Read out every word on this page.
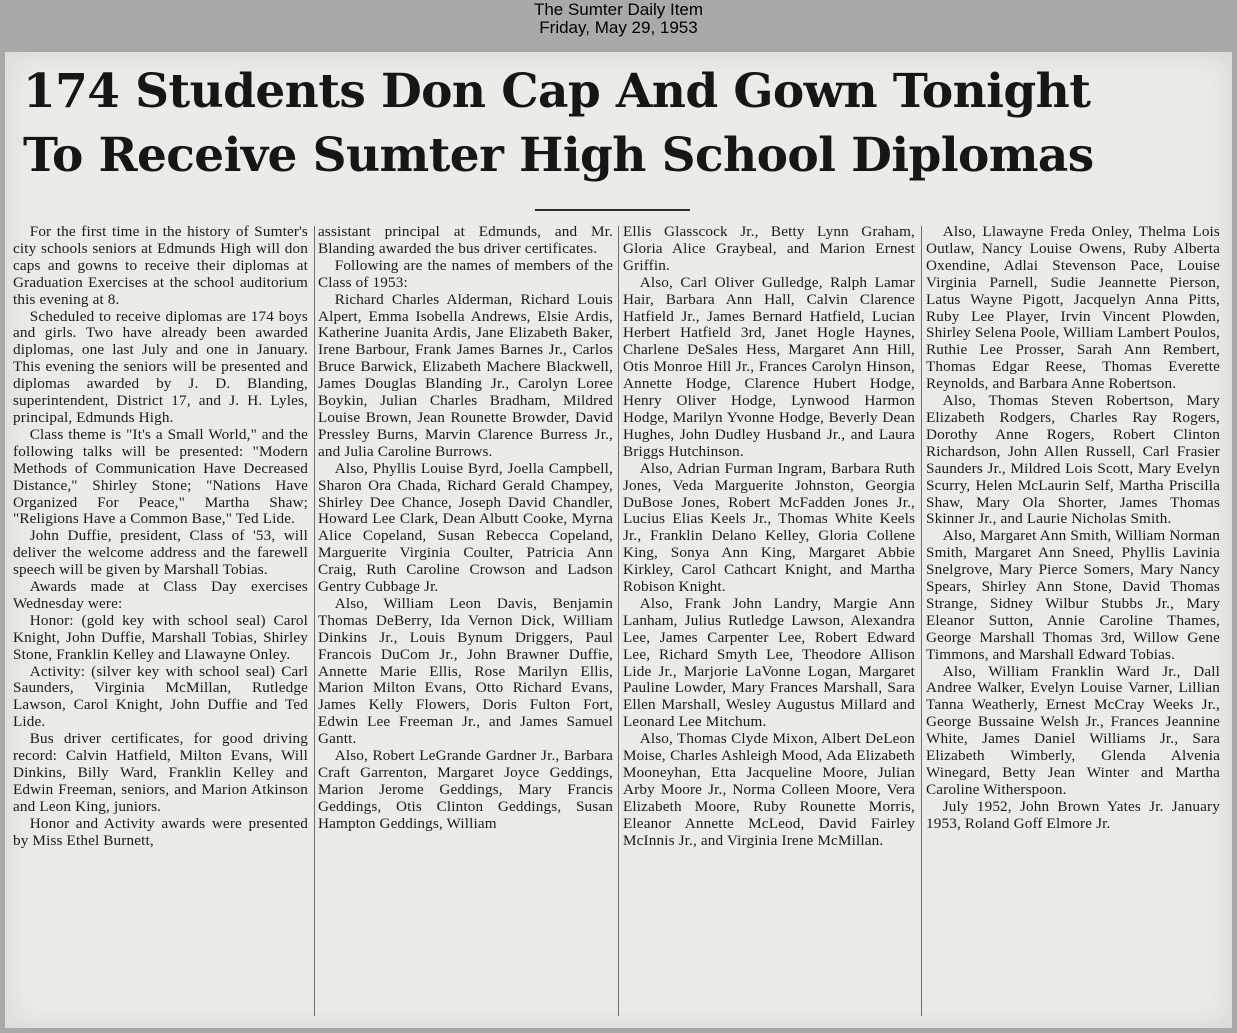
The Sumter Daily Item
Friday, May 29, 1953
174 Students Don Cap And Gown Tonight
To Receive Sumter High School Diplomas

For the first time in the history of Sumter's city schools seniors at Edmunds High will don caps and gowns to receive their diplomas at Graduation Exercises at the school auditorium this evening at 8.

Scheduled to receive diplomas are 174 boys and girls. Two have already been awarded diplomas, one last July and one in January. This evening the seniors will be presented and diplomas awarded by J. D. Blanding, superintendent, District 17, and J. H. Lyles, principal, Edmunds High.

Class theme is "It's a Small World," and the following talks will be presented: "Modern Methods of Communication Have Decreased Distance," Shirley Stone; "Nations Have Organized For Peace," Martha Shaw; "Religions Have a Common Base," Ted Lide.

John Duffie, president, Class of '53, will deliver the welcome address and the farewell speech will be given by Marshall Tobias.

Awards made at Class Day exercises Wednesday were:

Honor: (gold key with school seal) Carol Knight, John Duffie, Marshall Tobias, Shirley Stone, Franklin Kelley and Llawayne Onley.

Activity: (silver key with school seal) Carl Saunders, Virginia McMillan, Rutledge Lawson, Carol Knight, John Duffie and Ted Lide.

Bus driver certificates, for good driving record: Calvin Hatfield, Milton Evans, Will Dinkins, Billy Ward, Franklin Kelley and Edwin Freeman, seniors, and Marion Atkinson and Leon King, juniors.

Honor and Activity awards were presented by Miss Ethel Burnett,

assistant principal at Edmunds, and Mr. Blanding awarded the bus driver certificates.

Following are the names of members of the Class of 1953:

Richard Charles Alderman, Richard Louis Alpert, Emma Isobella Andrews, Elsie Ardis, Katherine Juanita Ardis, Jane Elizabeth Baker, Irene Barbour, Frank James Barnes Jr., Carlos Bruce Barwick, Elizabeth Machere Blackwell, James Douglas Blanding Jr., Carolyn Loree Boykin, Julian Charles Bradham, Mildred Louise Brown, Jean Rounette Browder, David Pressley Burns, Marvin Clarence Burress Jr., and Julia Caroline Burrows.

Also, Phyllis Louise Byrd, Joella Campbell, Sharon Ora Chada, Richard Gerald Champey, Shirley Dee Chance, Joseph David Chandler, Howard Lee Clark, Dean Albutt Cooke, Myrna Alice Copeland, Susan Rebecca Copeland, Marguerite Virginia Coulter, Patricia Ann Craig, Ruth Caroline Crowson and Ladson Gentry Cubbage Jr.

Also, William Leon Davis, Benjamin Thomas DeBerry, Ida Vernon Dick, William Dinkins Jr., Louis Bynum Driggers, Paul Francois DuCom Jr., John Brawner Duffie, Annette Marie Ellis, Rose Marilyn Ellis, Marion Milton Evans, Otto Richard Evans, James Kelly Flowers, Doris Fulton Fort, Edwin Lee Freeman Jr., and James Samuel Gantt.

Also, Robert LeGrande Gardner Jr., Barbara Craft Garrenton, Margaret Joyce Geddings, Marion Jerome Geddings, Mary Francis Geddings, Otis Clinton Geddings, Susan Hampton Geddings, William

Ellis Glasscock Jr., Betty Lynn Graham, Gloria Alice Graybeal, and Marion Ernest Griffin.

Also, Carl Oliver Gulledge, Ralph Lamar Hair, Barbara Ann Hall, Calvin Clarence Hatfield Jr., James Bernard Hatfield, Lucian Herbert Hatfield 3rd, Janet Hogle Haynes, Charlene DeSales Hess, Margaret Ann Hill, Otis Monroe Hill Jr., Frances Carolyn Hinson, Annette Hodge, Clarence Hubert Hodge, Henry Oliver Hodge, Lynwood Harmon Hodge, Marilyn Yvonne Hodge, Beverly Dean Hughes, John Dudley Husband Jr., and Laura Briggs Hutchinson.

Also, Adrian Furman Ingram, Barbara Ruth Jones, Veda Marguerite Johnston, Georgia DuBose Jones, Robert McFadden Jones Jr., Lucius Elias Keels Jr., Thomas White Keels Jr., Franklin Delano Kelley, Gloria Collene King, Sonya Ann King, Margaret Abbie Kirkley, Carol Cathcart Knight, and Martha Robison Knight.

Also, Frank John Landry, Margie Ann Lanham, Julius Rutledge Lawson, Alexandra Lee, James Carpenter Lee, Robert Edward Lee, Richard Smyth Lee, Theodore Allison Lide Jr., Marjorie LaVonne Logan, Margaret Pauline Lowder, Mary Frances Marshall, Sara Ellen Marshall, Wesley Augustus Millard and Leonard Lee Mitchum.

Also, Thomas Clyde Mixon, Albert DeLeon Moise, Charles Ashleigh Mood, Ada Elizabeth Mooneyhan, Etta Jacqueline Moore, Julian Arby Moore Jr., Norma Colleen Moore, Vera Elizabeth Moore, Ruby Rounette Morris, Eleanor Annette McLeod, David Fairley McInnis Jr., and Virginia Irene McMillan.

Also, Llawayne Freda Onley, Thelma Lois Outlaw, Nancy Louise Owens, Ruby Alberta Oxendine, Adlai Stevenson Pace, Louise Virginia Parnell, Sudie Jeannette Pierson, Latus Wayne Pigott, Jacquelyn Anna Pitts, Ruby Lee Player, Irvin Vincent Plowden, Shirley Selena Poole, William Lambert Poulos, Ruthie Lee Prosser, Sarah Ann Rembert, Thomas Edgar Reese, Thomas Everette Reynolds, and Barbara Anne Robertson.

Also, Thomas Steven Robertson, Mary Elizabeth Rodgers, Charles Ray Rogers, Dorothy Anne Rogers, Robert Clinton Richardson, John Allen Russell, Carl Frasier Saunders Jr., Mildred Lois Scott, Mary Evelyn Scurry, Helen McLaurin Self, Martha Priscilla Shaw, Mary Ola Shorter, James Thomas Skinner Jr., and Laurie Nicholas Smith.

Also, Margaret Ann Smith, William Norman Smith, Margaret Ann Sneed, Phyllis Lavinia Snelgrove, Mary Pierce Somers, Mary Nancy Spears, Shirley Ann Stone, David Thomas Strange, Sidney Wilbur Stubbs Jr., Mary Eleanor Sutton, Annie Caroline Thames, George Marshall Thomas 3rd, Willow Gene Timmons, and Marshall Edward Tobias.

Also, William Franklin Ward Jr., Dall Andree Walker, Evelyn Louise Varner, Lillian Tanna Weatherly, Ernest McCray Weeks Jr., George Bussaine Welsh Jr., Frances Jeannine White, James Daniel Williams Jr., Sara Elizabeth Wimberly, Glenda Alvenia Winegard, Betty Jean Winter and Martha Caroline Witherspoon.

July 1952, John Brown Yates Jr. January 1953, Roland Goff Elmore Jr.
